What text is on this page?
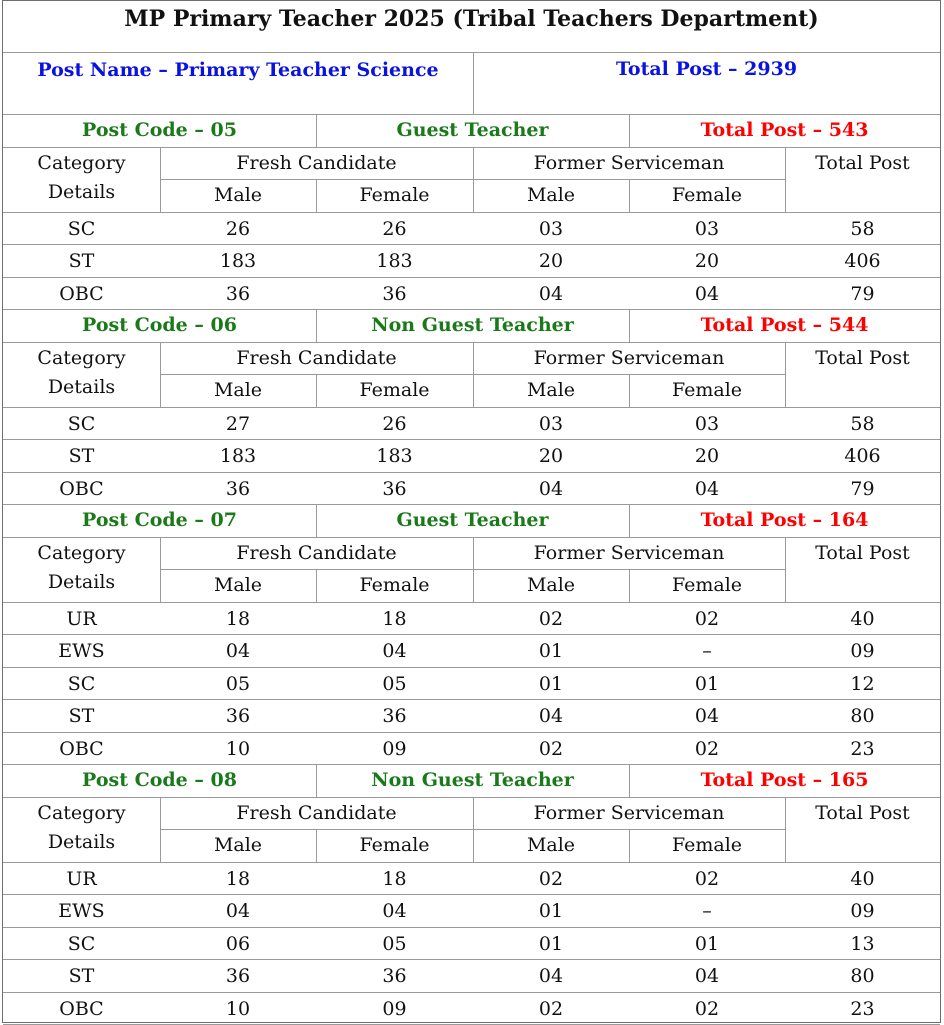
MP Primary Teacher 2025 (Tribal Teachers Department)
Post Name – Primary Teacher Science	Total Post – 2939
Post Code – 05	Guest Teacher	Total Post – 543
Category
Details
Fresh Candidate	Former Serviceman	Total Post
Male	Female	Male	Female
SC	26	26	03	03	58
ST	183	183	20	20	406
OBC	36	36	04	04	79
Post Code – 06	Non Guest Teacher	Total Post – 544
Category
Details
Fresh Candidate	Former Serviceman	Total Post
Male	Female	Male	Female
SC	27	26	03	03	58
ST	183	183	20	20	406
OBC	36	36	04	04	79
Post Code – 07	Guest Teacher	Total Post – 164
Category
Details
Fresh Candidate	Former Serviceman	Total Post
Male	Female	Male	Female
UR	18	18	02	02	40
EWS	04	04	01	–	09
SC	05	05	01	01	12
ST	36	36	04	04	80
OBC	10	09	02	02	23
Post Code – 08	Non Guest Teacher	Total Post – 165
Category
Details
Fresh Candidate	Former Serviceman	Total Post
Male	Female	Male	Female
UR	18	18	02	02	40
EWS	04	04	01	–	09
SC	06	05	01	01	13
ST	36	36	04	04	80
OBC	10	09	02	02	23
